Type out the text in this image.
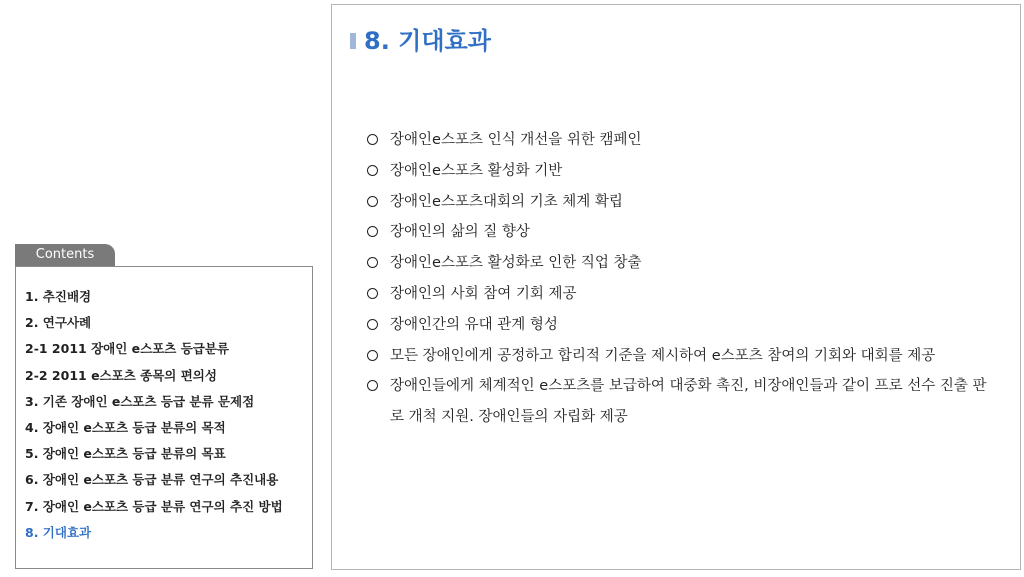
Contents
1. 추진배경
2. 연구사례
2-1 2011 장애인 e스포츠 등급분류
2-2 2011 e스포츠 종목의 편의성
3. 기존 장애인 e스포츠 등급 분류 문제점
4. 장애인 e스포츠 등급 분류의 목적
5. 장애인 e스포츠 등급 분류의 목표
6. 장애인 e스포츠 등급 분류 연구의 추진내용
7. 장애인 e스포츠 등급 분류 연구의 추진 방법
8. 기대효과
8. 기대효과
장애인e스포츠 인식 개선을 위한 캠페인
장애인e스포츠 활성화 기반
장애인e스포츠대회의 기초 체계 확립
장애인의 삶의 질 향상
장애인e스포츠 활성화로 인한 직업 창출
장애인의 사회 참여 기회 제공
장애인간의 유대 관계 형성
모든 장애인에게 공정하고 합리적 기준을 제시하여 e스포츠 참여의 기회와 대회를 제공
장애인들에게 체계적인 e스포츠를 보급하여 대중화 촉진, 비장애인들과 같이 프로 선수 진출 판로 개척 지원. 장애인들의 자립화 제공
